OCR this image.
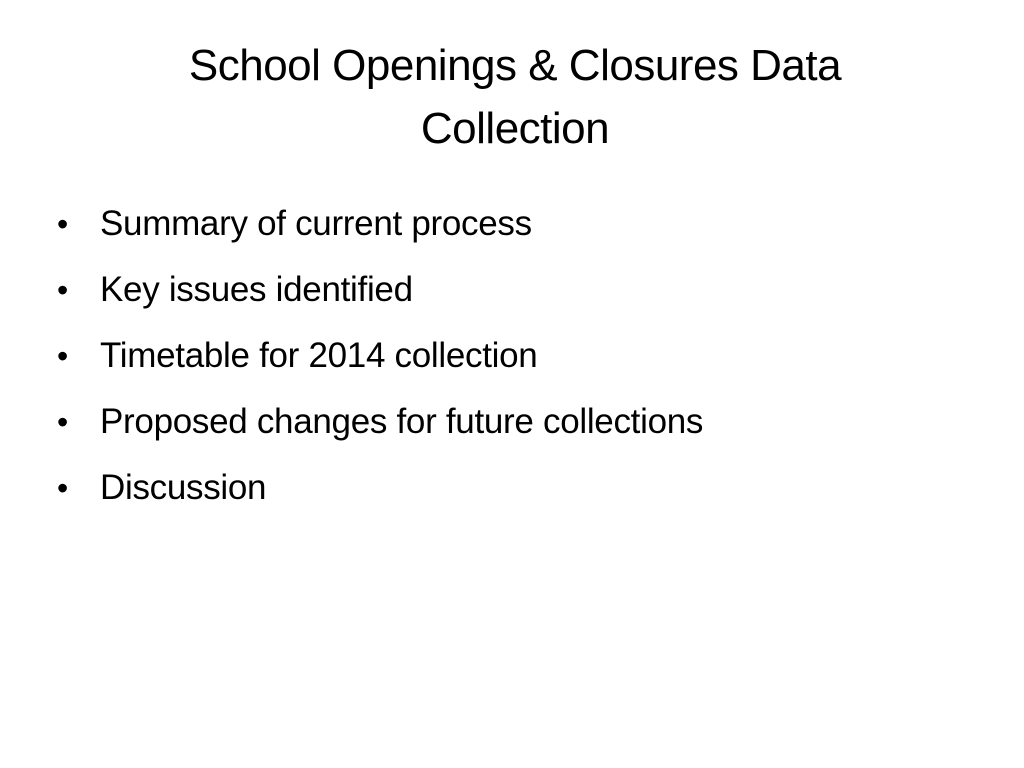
School Openings & Closures Data
Collection
• Summary of current process
• Key issues identified
• Timetable for 2014 collection
• Proposed changes for future collections
• Discussion
